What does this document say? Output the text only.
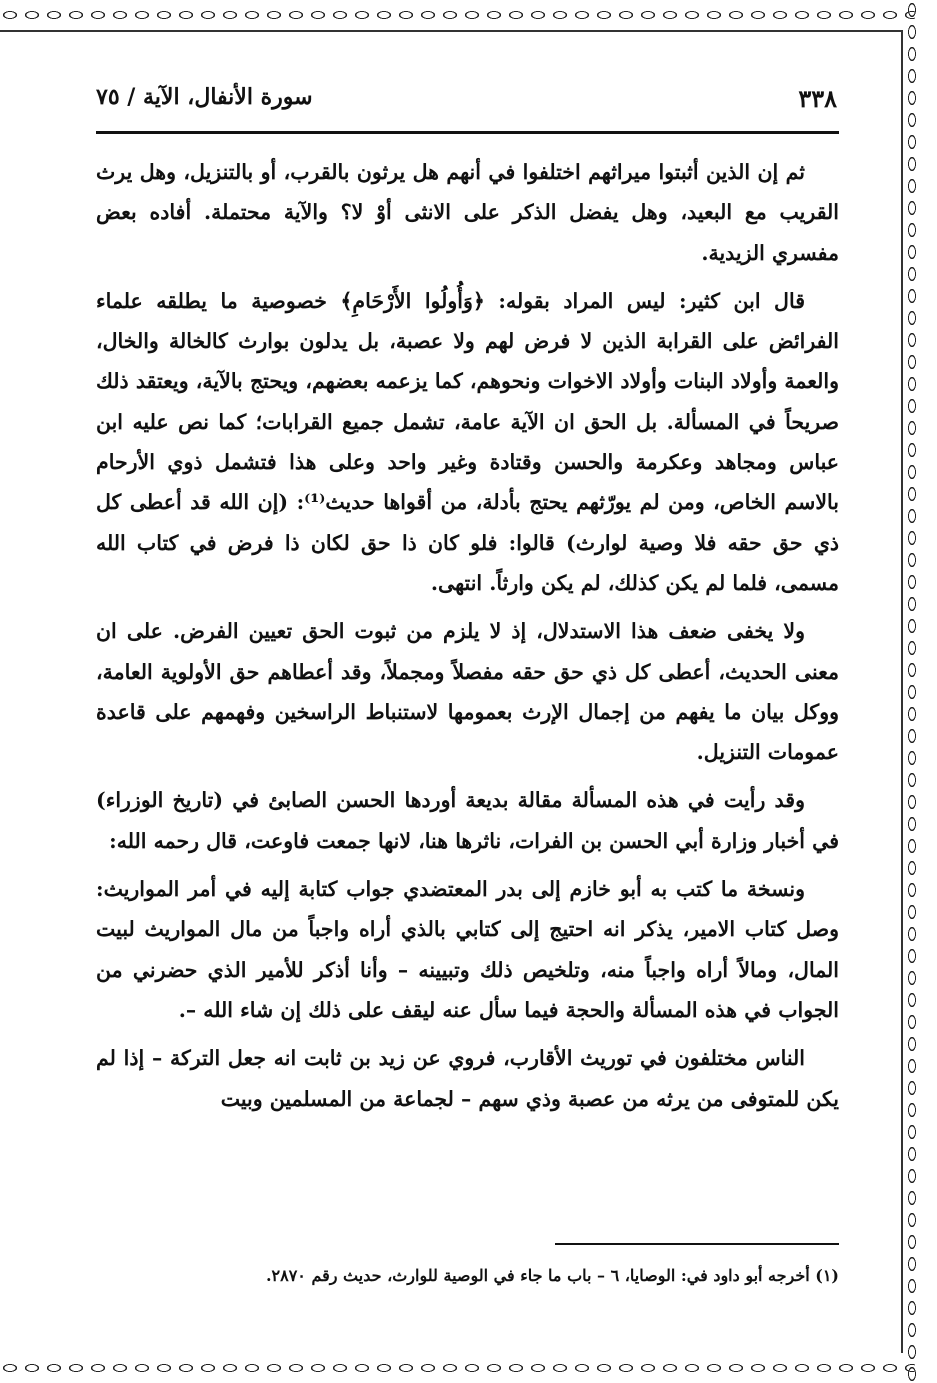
٣٣٨
سورة الأنفال، الآية / ٧٥

ثم إن الذين أثبتوا ميراثهم اختلفوا في أنهم هل يرثون بالقرب، أو بالتنزيل، وهل يرث القريب مع البعيد، وهل يفضل الذكر على الانثى أوْ لا؟ والآية محتملة. أفاده بعض مفسري الزيدية.

قال ابن كثير: ليس المراد بقوله: ﴿وَأُولُوا الأَرْحَامِ﴾ خصوصية ما يطلقه علماء الفرائض على القرابة الذين لا فرض لهم ولا عصبة، بل يدلون بوارث كالخالة والخال، والعمة وأولاد البنات وأولاد الاخوات ونحوهم، كما يزعمه بعضهم، ويحتج بالآية، ويعتقد ذلك صريحاً في المسألة. بل الحق ان الآية عامة، تشمل جميع القرابات؛ كما نص عليه ابن عباس ومجاهد وعكرمة والحسن وقتادة وغير واحد وعلى هذا فتشمل ذوي الأرحام بالاسم الخاص، ومن لم يورّثهم يحتج بأدلة، من أقواها حديث⁽¹⁾: (إن الله قد أعطى كل ذي حق حقه فلا وصية لوارث) قالوا: فلو كان ذا حق لكان ذا فرض في كتاب الله مسمى، فلما لم يكن كذلك، لم يكن وارثاً. انتهى.

ولا يخفى ضعف هذا الاستدلال، إذ لا يلزم من ثبوت الحق تعيين الفرض. على ان معنى الحديث، أعطى كل ذي حق حقه مفصلاً ومجملاً، وقد أعطاهم حق الأولوية العامة، ووكل بيان ما يفهم من إجمال الإرث بعمومها لاستنباط الراسخين وفهمهم على قاعدة عمومات التنزيل.

وقد رأيت في هذه المسألة مقالة بديعة أوردها الحسن الصابئ في (تاريخ الوزراء) في أخبار وزارة أبي الحسن بن الفرات، ناثرها هنا، لانها جمعت فاوعت، قال رحمه الله:

ونسخة ما كتب به أبو خازم إلى بدر المعتضدي جواب كتابة إليه في أمر المواريث: وصل كتاب الامير، يذكر انه احتيج إلى كتابي بالذي أراه واجباً من مال المواريث لبيت المال، ومالاً أراه واجباً منه، وتلخيص ذلك وتبيينه – وأنا أذكر للأمير الذي حضرني من الجواب في هذه المسألة والحجة فيما سأل عنه ليقف على ذلك إن شاء الله –.

الناس مختلفون في توريث الأقارب، فروي عن زيد بن ثابت انه جعل التركة – إذا لم يكن للمتوفى من يرثه من عصبة وذي سهم – لجماعة من المسلمين وبيت

(١) أخرجه أبو داود في: الوصايا، ٦ – باب ما جاء في الوصية للوارث، حديث رقم ٢٨٧٠.
